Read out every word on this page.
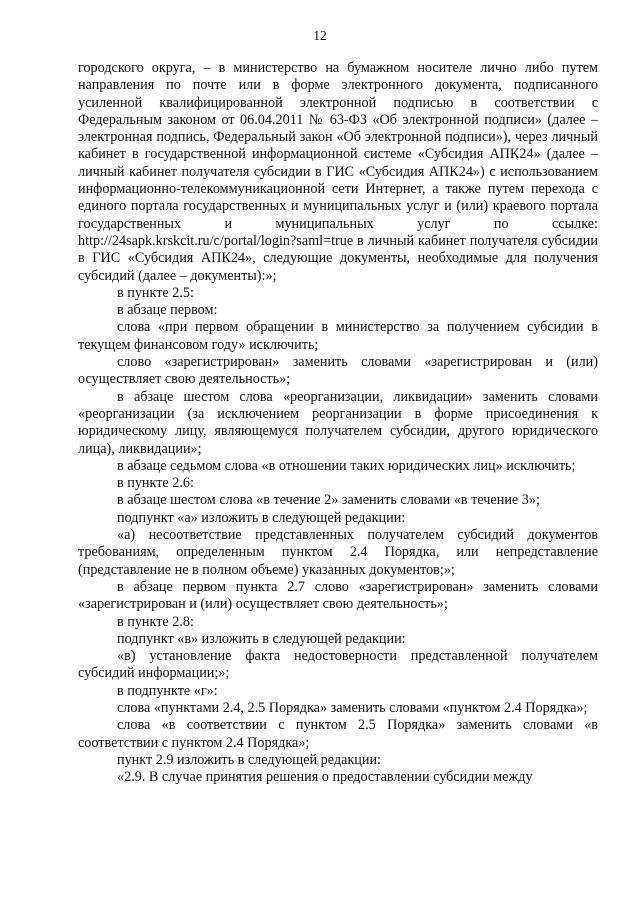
12

городского округа, – в министерство на бумажном носителе лично либо путем направления по почте или в форме электронного документа, подписанного усиленной квалифицированной электронной подписью в соответствии с Федеральным законом от 06.04.2011 № 63-ФЗ «Об электронной подписи» (далее – электронная подпись, Федеральный закон «Об электронной подписи»), через личный кабинет в государственной информационной системе «Субсидия АПК24» (далее – личный кабинет получателя субсидии в ГИС «Субсидия АПК24») с использованием информационно-телекоммуникационной сети Интернет, а также путем перехода с единого портала государственных и муниципальных услуг и (или) краевого портала государственных и муниципальных услуг по ссылке: http://24sapk.krskcit.ru/c/portal/login?saml=true в личный кабинет получателя субсидии в ГИС «Субсидия АПК24», следующие документы, необходимые для получения субсидий (далее – документы):»;

в пункте 2.5:

в абзаце первом:

слова «при первом обращении в министерство за получением субсидии в текущем финансовом году» исключить;

слово «зарегистрирован» заменить словами «зарегистрирован и (или) осуществляет свою деятельность»;

в абзаце шестом слова «реорганизации, ликвидации» заменить словами «реорганизации (за исключением реорганизации в форме присоединения к юридическому лицу, являющемуся получателем субсидии, другого юридического лица), ликвидации»;

в абзаце седьмом слова «в отношении таких юридических лиц» исключить;

в пункте 2.6:

в абзаце шестом слова «в течение 2» заменить словами «в течение 3»;

подпункт «а» изложить в следующей редакции:

«а) несоответствие представленных получателем субсидий документов требованиям, определенным пунктом 2.4 Порядка, или непредставление (представление не в полном объеме) указанных документов;»;

в абзаце первом пункта 2.7 слово «зарегистрирован» заменить словами «зарегистрирован и (или) осуществляет свою деятельность»;

в пункте 2.8:

подпункт «в» изложить в следующей редакции:

«в) установление факта недостоверности представленной получателем субсидий информации;»;

в подпункте «г»:

слова «пунктами 2.4, 2.5 Порядка» заменить словами «пунктом 2.4 Порядка»;

слова «в соответствии с пунктом 2.5 Порядка» заменить словами «в соответствии с пунктом 2.4 Порядка»;

пункт 2.9 изложить в следующей редакции:

«2.9. В случае принятия решения о предоставлении субсидии между
